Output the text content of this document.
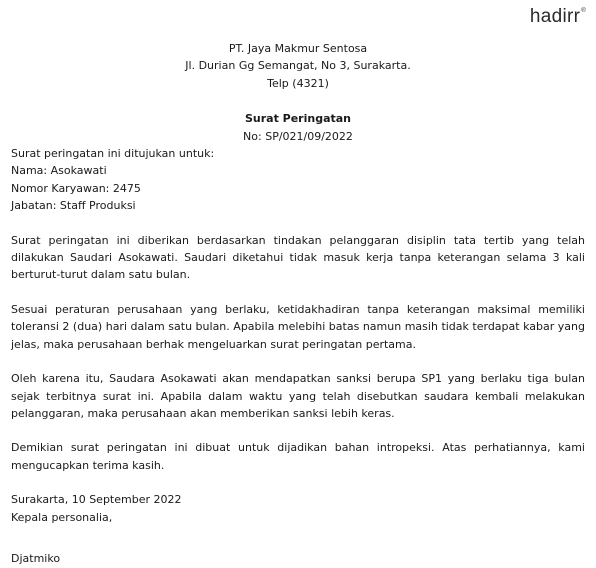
hadirr®

PT. Jaya Makmur Sentosa

Jl. Durian Gg Semangat, No 3, Surakarta.

Telp (4321)

Surat Peringatan

No: SP/021/09/2022

Surat peringatan ini ditujukan untuk:

Nama: Asokawati

Nomor Karyawan: 2475

Jabatan: Staff Produksi

Surat peringatan ini diberikan berdasarkan tindakan pelanggaran disiplin tata tertib yang telah dilakukan Saudari Asokawati. Saudari diketahui tidak masuk kerja tanpa keterangan selama 3 kali berturut-turut dalam satu bulan.

Sesuai peraturan perusahaan yang berlaku, ketidakhadiran tanpa keterangan maksimal memiliki toleransi 2 (dua) hari dalam satu bulan. Apabila melebihi batas namun masih tidak terdapat kabar yang jelas, maka perusahaan berhak mengeluarkan surat peringatan pertama.

Oleh karena itu, Saudara Asokawati akan mendapatkan sanksi berupa SP1 yang berlaku tiga bulan sejak terbitnya surat ini. Apabila dalam waktu yang telah disebutkan saudara kembali melakukan pelanggaran, maka perusahaan akan memberikan sanksi lebih keras.

Demikian surat peringatan ini dibuat untuk dijadikan bahan intropeksi. Atas perhatiannya, kami mengucapkan terima kasih.

Surakarta, 10 September 2022

Kepala personalia,

Djatmiko
